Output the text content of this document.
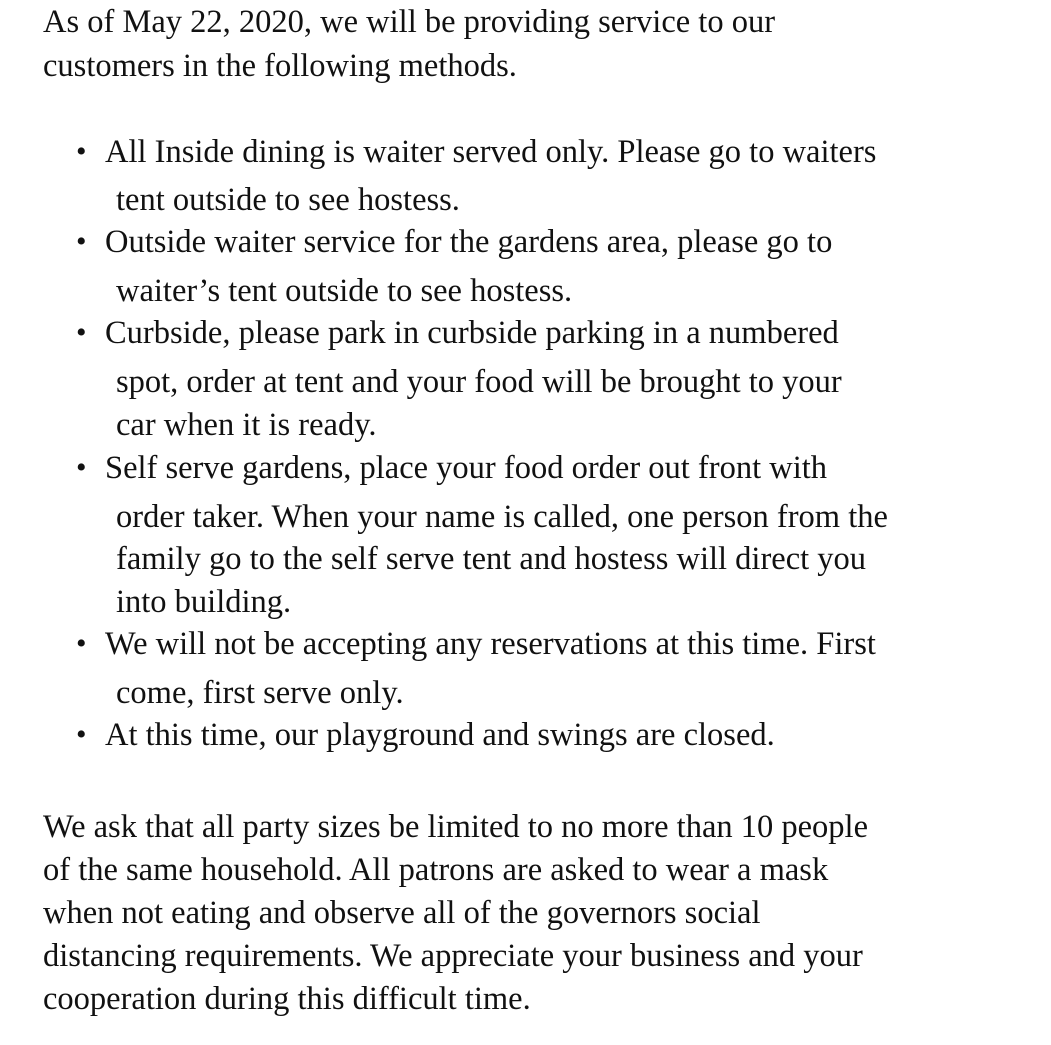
As of May 22, 2020, we will be providing service to our
customers in the following methods.

• All Inside dining is waiter served only. Please go to waiters
tent outside to see hostess.
• Outside waiter service for the gardens area, please go to
waiter’s tent outside to see hostess.
• Curbside, please park in curbside parking in a numbered
spot, order at tent and your food will be brought to your
car when it is ready.
• Self serve gardens, place your food order out front with
order taker. When your name is called, one person from the
family go to the self serve tent and hostess will direct you
into building.
• We will not be accepting any reservations at this time. First
come, first serve only.
• At this time, our playground and swings are closed.

We ask that all party sizes be limited to no more than 10 people
of the same household. All patrons are asked to wear a mask
when not eating and observe all of the governors social
distancing requirements. We appreciate your business and your
cooperation during this difficult time.
